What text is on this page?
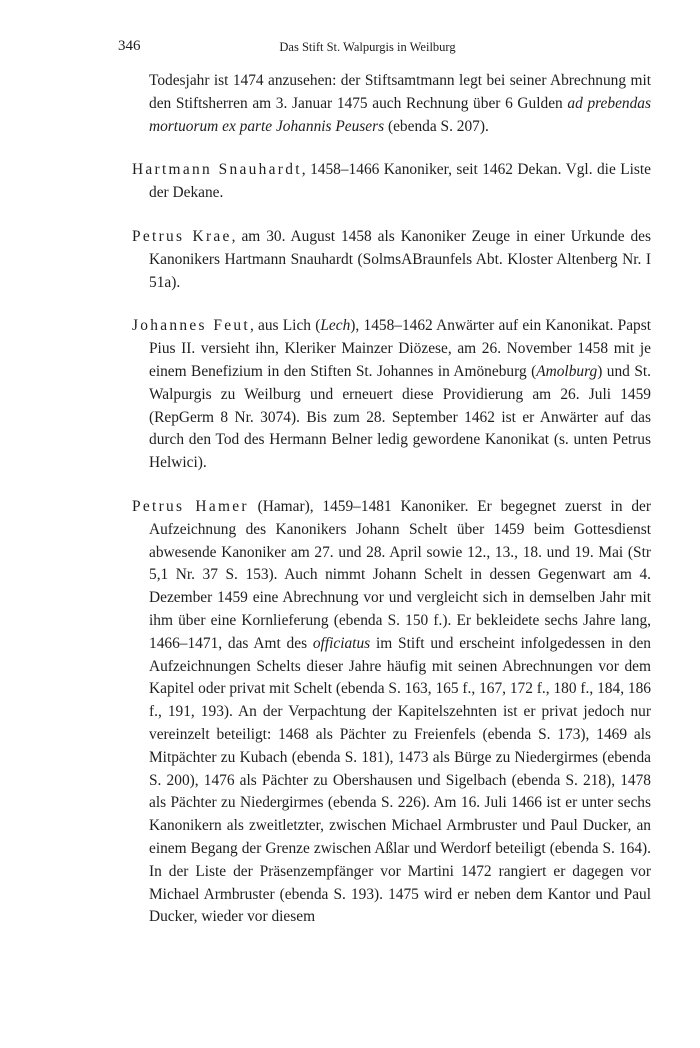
346	Das Stift St. Walpurgis in Weilburg

Todesjahr ist 1474 anzusehen: der Stiftsamtmann legt bei seiner Abrechnung mit den Stiftsherren am 3. Januar 1475 auch Rechnung über 6 Gulden ad prebendas mortuorum ex parte Johannis Peusers (ebenda S. 207).

Hartmann Snauhardt, 1458–1466 Kanoniker, seit 1462 Dekan. Vgl. die Liste der Dekane.

Petrus Krae, am 30. August 1458 als Kanoniker Zeuge in einer Urkunde des Kanonikers Hartmann Snauhardt (SolmsABraunfels Abt. Kloster Altenberg Nr. I 51a).

Johannes Feut, aus Lich (Lech), 1458–1462 Anwärter auf ein Kanonikat. Papst Pius II. versieht ihn, Kleriker Mainzer Diözese, am 26. November 1458 mit je einem Benefizium in den Stiften St. Johannes in Amöneburg (Amolburg) und St. Walpurgis zu Weilburg und erneuert diese Providierung am 26. Juli 1459 (RepGerm 8 Nr. 3074). Bis zum 28. September 1462 ist er Anwärter auf das durch den Tod des Hermann Belner ledig gewordene Kanonikat (s. unten Petrus Helwici).

Petrus Hamer (Hamar), 1459–1481 Kanoniker. Er begegnet zuerst in der Aufzeichnung des Kanonikers Johann Schelt über 1459 beim Gottesdienst abwesende Kanoniker am 27. und 28. April sowie 12., 13., 18. und 19. Mai (Str 5,1 Nr. 37 S. 153). Auch nimmt Johann Schelt in dessen Gegenwart am 4. Dezember 1459 eine Abrechnung vor und vergleicht sich in demselben Jahr mit ihm über eine Kornlieferung (ebenda S. 150 f.). Er bekleidete sechs Jahre lang, 1466–1471, das Amt des officiatus im Stift und erscheint infolgedessen in den Aufzeichnungen Schelts dieser Jahre häufig mit seinen Abrechnungen vor dem Kapitel oder privat mit Schelt (ebenda S. 163, 165 f., 167, 172 f., 180 f., 184, 186 f., 191, 193). An der Verpachtung der Kapitelszehnten ist er privat jedoch nur vereinzelt beteiligt: 1468 als Pächter zu Freienfels (ebenda S. 173), 1469 als Mitpächter zu Kubach (ebenda S. 181), 1473 als Bürge zu Niedergirmes (ebenda S. 200), 1476 als Pächter zu Obershausen und Sigelbach (ebenda S. 218), 1478 als Pächter zu Niedergirmes (ebenda S. 226). Am 16. Juli 1466 ist er unter sechs Kanonikern als zweitletzter, zwischen Michael Armbruster und Paul Ducker, an einem Begang der Grenze zwischen Aßlar und Werdorf beteiligt (ebenda S. 164). In der Liste der Präsenzempfänger vor Martini 1472 rangiert er dagegen vor Michael Armbruster (ebenda S. 193). 1475 wird er neben dem Kantor und Paul Ducker, wieder vor diesem
